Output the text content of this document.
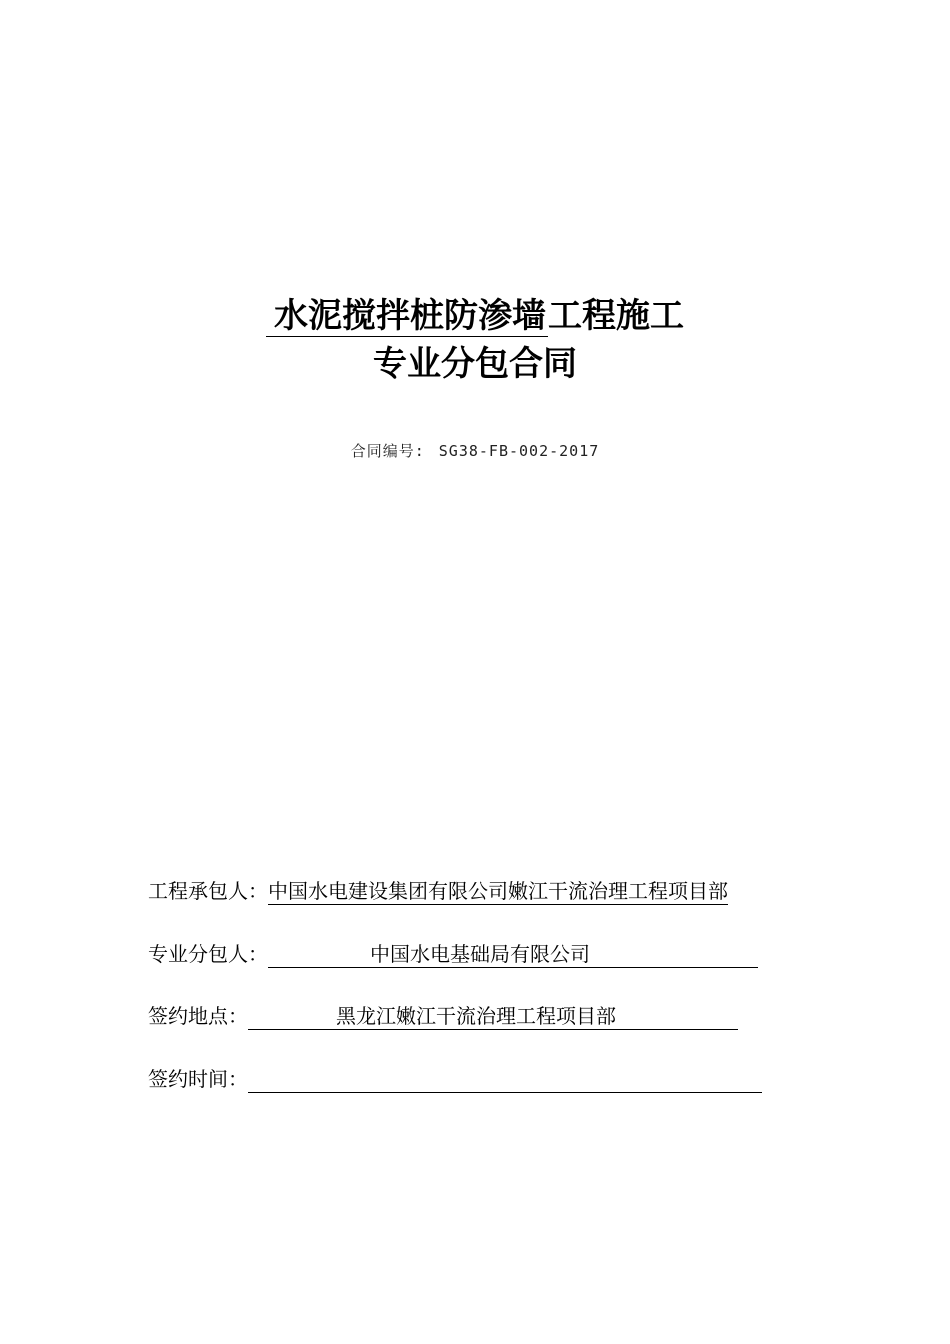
水泥搅拌桩防渗墙工程施工
专业分包合同
合同编号: SG38-FB-002-2017
工程承包人：中国水电建设集团有限公司嫩江干流治理工程项目部
专业分包人：	中国水电基础局有限公司
签约地点：	黑龙江嫩江干流治理工程项目部
签约时间：
